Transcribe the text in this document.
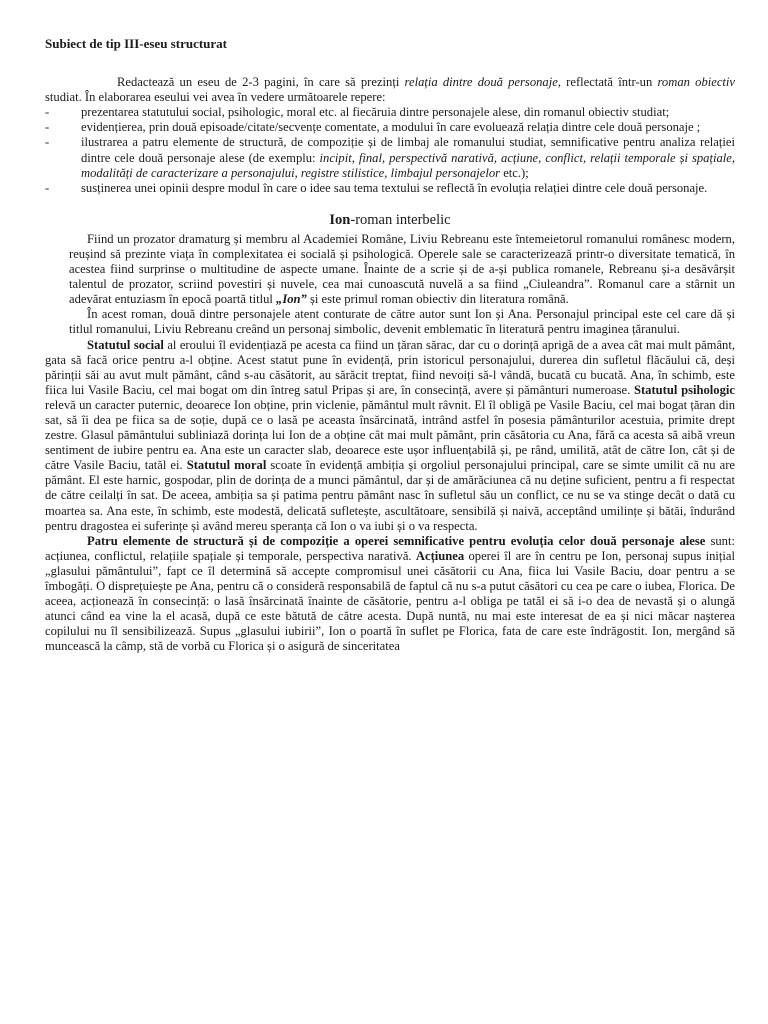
Subiect de tip III-eseu structurat

Redactează un eseu de 2-3 pagini, în care să prezinți relația dintre două personaje, reflectată într-un roman obiectiv studiat. În elaborarea eseului vei avea în vedere următoarele repere:

- prezentarea statutului social, psihologic, moral etc. al fiecăruia dintre personajele alese, din romanul obiectiv studiat;
- evidențierea, prin două episoade/citate/secvențe comentate, a modului în care evoluează relația dintre cele două personaje ;
- ilustrarea a patru elemente de structură, de compoziție și de limbaj ale romanului studiat, semnificative pentru analiza relației dintre cele două personaje alese (de exemplu: incipit, final, perspectivă narativă, acțiune, conflict, relații temporale și spațiale, modalități de caracterizare a personajului, registre stilistice, limbajul personajelor etc.);
- susținerea unei opinii despre modul în care o idee sau tema textului se reflectă în evoluția relației dintre cele două personaje.
Ion-roman interbelic

Fiind un prozator dramaturg și membru al Academiei Române, Liviu Rebreanu este întemeietorul romanului românesc modern, reușind să prezinte viața în complexitatea ei socială și psihologică. Operele sale se caracterizează printr-o diversitate tematică, în acestea fiind surprinse o multitudine de aspecte umane. Înainte de a scrie și de a-și publica romanele, Rebreanu și-a desăvârșit talentul de prozator, scriind povestiri și nuvele, cea mai cunoascută nuvelă a sa fiind „Ciuleandra”. Romanul care a stârnit un adevărat entuziasm în epocă poartă titlul „Ion” și este primul roman obiectiv din literatura română.

În acest roman, două dintre personajele atent conturate de către autor sunt Ion și Ana. Personajul principal este cel care dă și titlul romanului, Liviu Rebreanu creând un personaj simbolic, devenit emblematic în literatură pentru imaginea țăranului.

Statutul social al eroului îl evidențiază pe acesta ca fiind un țăran sărac, dar cu o dorință aprigă de a avea cât mai mult pământ, gata să facă orice pentru a-l obține. Acest statut pune în evidență, prin istoricul personajului, durerea din sufletul flăcăului că, deși părinții săi au avut mult pământ, când s-au căsătorit, au sărăcit treptat, fiind nevoiți să-l vândă, bucată cu bucată. Ana, în schimb, este fiica lui Vasile Baciu, cel mai bogat om din întreg satul Pripas și are, în consecință, avere și pământuri numeroase. Statutul psihologic relevă un caracter puternic, deoarece Ion obține, prin viclenie, pământul mult râvnit. El îl obligă pe Vasile Baciu, cel mai bogat țăran din sat, să îi dea pe fiica sa de soție, după ce o lasă pe aceasta însărcinată, intrând astfel în posesia pământurilor acestuia, primite drept zestre. Glasul pământului subliniază dorința lui Ion de a obține cât mai mult pământ, prin căsătoria cu Ana, fără ca acesta să aibă vreun sentiment de iubire pentru ea. Ana este un caracter slab, deoarece este ușor influențabilă și, pe rând, umilită, atât de către Ion, cât și de către Vasile Baciu, tatăl ei. Statutul moral scoate în evidență ambiția și orgoliul personajului principal, care se simte umilit că nu are pământ. El este harnic, gospodar, plin de dorința de a munci pământul, dar și de amărăciunea că nu deține suficient, pentru a fi respectat de către ceilalți în sat. De aceea, ambiția sa și patima pentru pământ nasc în sufletul său un conflict, ce nu se va stinge decât o dată cu moartea sa. Ana este, în schimb, este modestă, delicată sufletește, ascultătoare, sensibilă și naivă, acceptând umilințe și bătăi, îndurând pentru dragostea ei suferințe și având mereu speranța că Ion o va iubi și o va respecta.

Patru elemente de structură și de compoziție a operei semnificative pentru evoluția celor două personaje alese sunt: acțiunea, conflictul, relațiile spațiale și temporale, perspectiva narativă. Acțiunea operei îl are în centru pe Ion, personaj supus inițial „glasului pământului”, fapt ce îl determină să accepte compromisul unei căsătorii cu Ana, fiica lui Vasile Baciu, doar pentru a se îmbogăți. O disprețuiește pe Ana, pentru că o consideră responsabilă de faptul că nu s-a putut căsători cu cea pe care o iubea, Florica. De aceea, acționează în consecință: o lasă însărcinată înainte de căsătorie, pentru a-l obliga pe tatăl ei să i-o dea de nevastă și o alungă atunci când ea vine la el acasă, după ce este bătută de către acesta. După nuntă, nu mai este interesat de ea și nici măcar nașterea copilului nu îl sensibilizează. Supus „glasului iubirii”, Ion o poartă în suflet pe Florica, fata de care este îndrăgostit. Ion, mergând să muncească la câmp, stă de vorbă cu Florica și o asigură de sinceritatea
